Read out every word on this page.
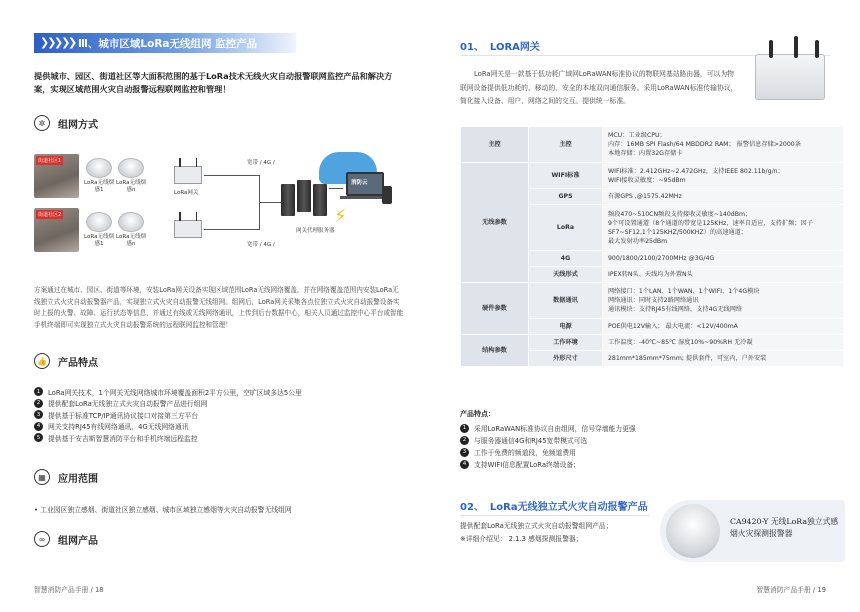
❯❯ ❯❯ ❯ Ⅲ、城市区域LoRa无线组网 监控产品
提供城市、园区、街道社区等大面积范围的基于LoRa技术无线火灾自动报警联网监控产品和解决方案，实现区域范围火灾自动报警远程联网监控和管理！
✲	组网方式
街道社区1
街道社区2
LoRa无线烟感1
LoRa无线烟感n
LoRa无线烟感1
LoRa无线烟感n
LoRa网关
宽带 / 4G /
宽带 / 4G /
网关代理服务器
消防云
⚡
方案通过在城市、园区、街道等环境，安装LoRa网关设备实现区域范围LoRa无线网络覆盖，并在网络覆盖范围内安装LoRa无线独立式火灾自动报警器产品，实现独立式火灾自动报警无线组网。组网后，LoRa网关采集各点位独立式火灾自动报警设备实时上报的火警、故障、运行状态等信息，并通过有线或无线网络通讯，上传到后台数据中心，相关人员通过监控中心平台或智能手机终端即可实现独立式火灾自动报警系统的远程联网监控和管理！
👍	产品特点
1	LoRa网关技术，1个网关无线网络城市环境覆盖面积2平方公里，空旷区域多达5公里
2	提供配套LoRa无线独立式火灾自动报警产品进行组网
3	提供基于标准TCP/IP通讯协议接口对接第三方平台
4	网关支持RJ45有线网络通讯，4G无线网络通讯
5	提供基于安吉斯智慧消防平台和手机终端远程监控
▦	应用范围
• 工业园区独立感烟、街道社区独立感烟、城市区域独立感烟等火灾自动报警无线组网
∞	组网产品
智慧消防产品手册 / 18
01、 LORA网关
LoRa网关是一款基于低功耗广域网LoRaWAN标准协议的物联网基站路由器，可以为物联网设备提供低功耗的、移动的、安全的本地双向通信服务。采用LoRaWAN标准传输协议，简化接入设备、用户、网络之间的交互。提供统一标准。
主控	主控	MCU：工业级CPU；
内存：16MB SPI Flash/64 MBDDR2 RAM； 报警信息存储>2000条
本地存储：内置32G存储卡
无线参数	WIFI标准	WIFI标准：2.412GHz~2.472GHz，支持IEEE 802.11b/g/n；
WIFI接收灵敏度：~95dBm
	GPS	有源GPS ,@1575.42MHz
	LoRa	频段470~510CN频段支持接收灵敏度~140dBm；
9个可设置通道（8个通道的带宽是125KHz，速率自适应，支持扩频；因子SF7~SF12,1个125KHZ/500KHZ）的高速通道；
最大发射功率25dBm
	4G	900/1800/2100/2700MHz @3G/4G
	天线形式	IPEX转N头、天线均为外置N头
硬件参数	数据通讯	网络接口：1个LAN、1个WAN、1个WIFI、1个4G模块
网络通讯：同时支持2路网络通讯
通讯模块：支持RJ45有线网络，支持4G无线网络
	电源	POE供电12V输入； 最大电流：<12V/400mA
结构参数	工作环境	工作温度：-40℃~85℃ 湿度10%~90%RH 无冷凝
	外形尺寸	281mm*185mm*75mm; 提供套件，可室内，户外安装
产品特点：
1	采用LoRaWAN标准协议自由组网，信号穿墙能力更强
2	与服务器通信4G和RJ45宽带模式可选
3	工作于免费的频道段，免频道费用
4	支持WIFI信息配置LoRa终端设备；
02、 LoRa无线独立式火灾自动报警产品
提供配套LoRa无线独立式火灾自动报警组网产品；
※详细介绍见： 2.1.3 感烟探测报警器；
CA9420-Y 无线LoRa独立式感烟火灾探测报警器
智慧消防产品手册 / 19
